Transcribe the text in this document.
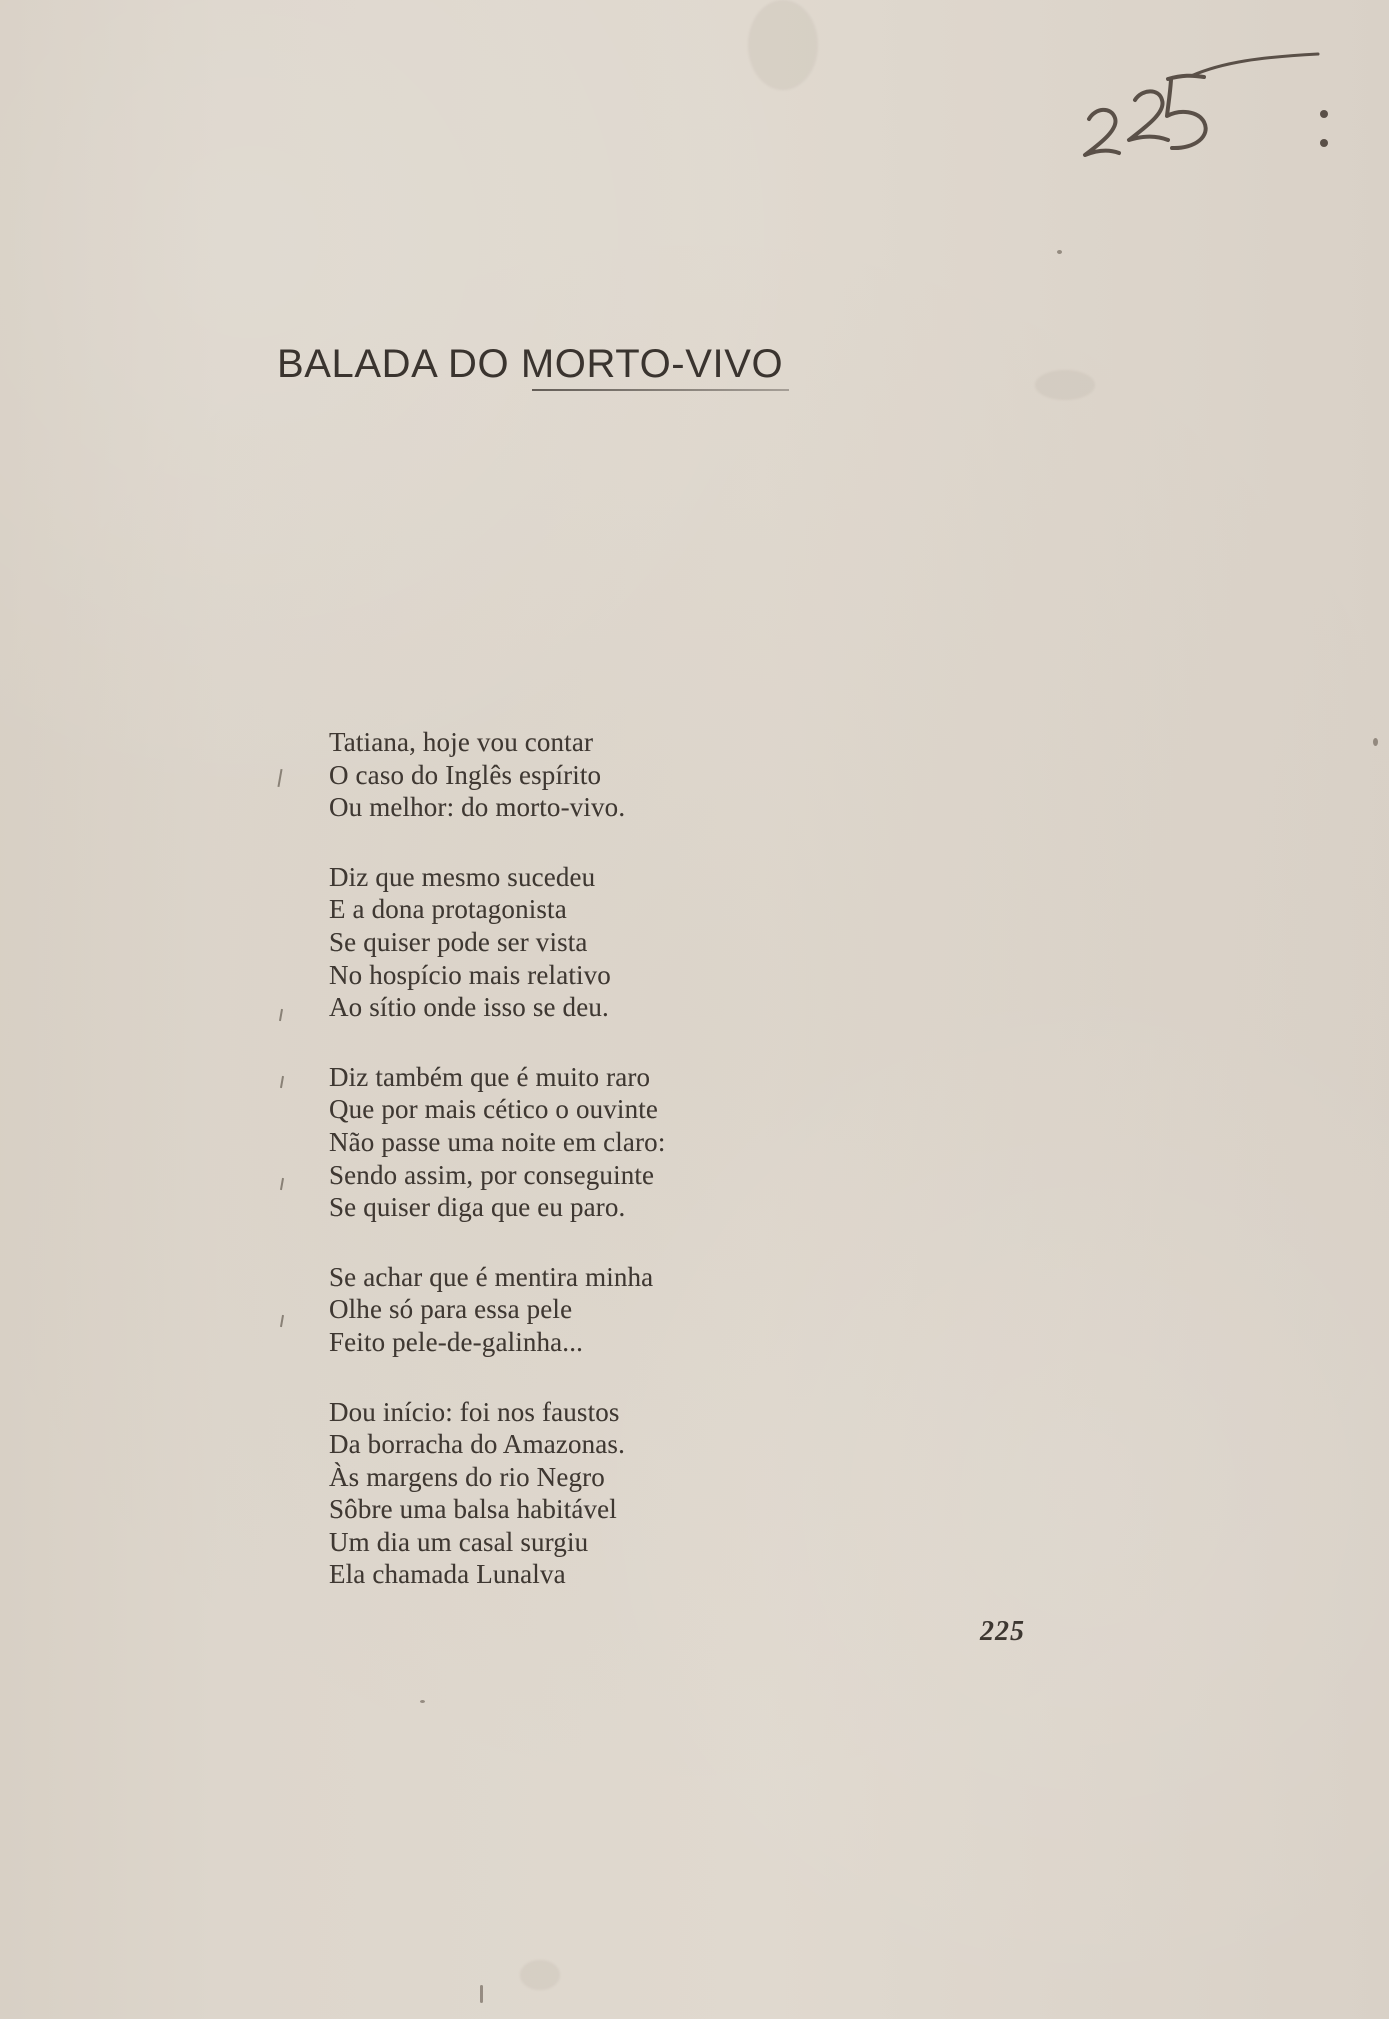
BALADA DO MORTO-VIVO
Tatiana, hoje vou contar
O caso do Inglês espírito
Ou melhor: do morto-vivo.
Diz que mesmo sucedeu
E a dona protagonista
Se quiser pode ser vista
No hospício mais relativo
Ao sítio onde isso se deu.
Diz também que é muito raro
Que por mais cético o ouvinte
Não passe uma noite em claro:
Sendo assim, por conseguinte
Se quiser diga que eu paro.
Se achar que é mentira minha
Olhe só para essa pele
Feito pele-de-galinha...
Dou início: foi nos faustos
Da borracha do Amazonas.
Às margens do rio Negro
Sôbre uma balsa habitável
Um dia um casal surgiu
Ela chamada Lunalva
225
